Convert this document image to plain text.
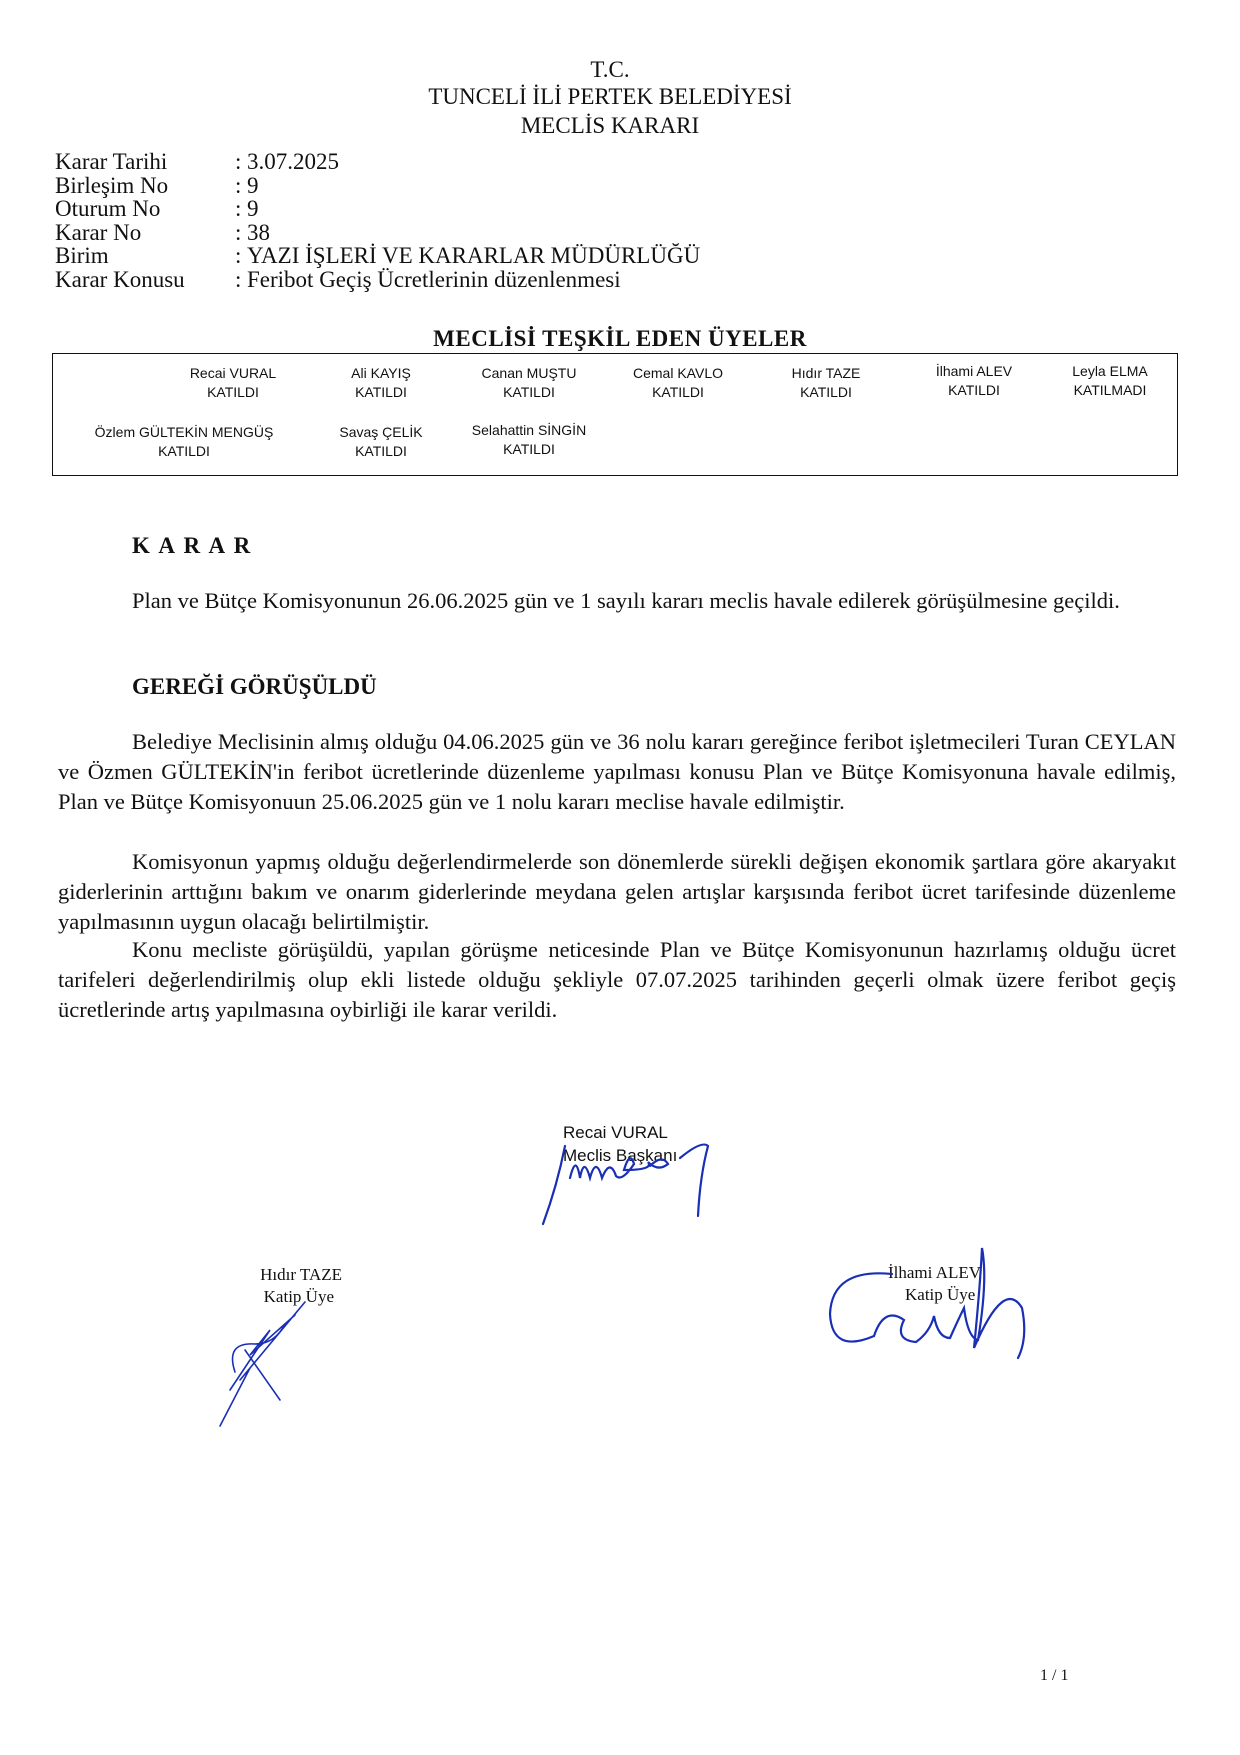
T.C.
TUNCELİ İLİ PERTEK BELEDİYESİ
MECLİS KARARI
Karar Tarihi	: 3.07.2025
Birleşim No	: 9
Oturum No	: 9
Karar No	: 38
Birim	: YAZI İŞLERİ VE KARARLAR MÜDÜRLÜĞÜ
Karar Konusu	: Feribot Geçiş Ücretlerinin düzenlenmesi
MECLİSİ TEŞKİL EDEN ÜYELER
Recai VURAL
KATILDI
Ali KAYIŞ
KATILDI
Canan MUŞTU
KATILDI
Cemal KAVLO
KATILDI
Hıdır TAZE
KATILDI
İlhami ALEV
KATILDI
Leyla ELMA
KATILMADI
Özlem GÜLTEKİN MENGÜŞ
KATILDI
Savaş ÇELİK
KATILDI
Selahattin SİNGİN
KATILDI
K A R A R
Plan ve Bütçe Komisyonunun 26.06.2025 gün ve 1 sayılı kararı meclis havale edilerek görüşülmesine geçildi.
GEREĞİ GÖRÜŞÜLDÜ
Belediye Meclisinin almış olduğu 04.06.2025 gün ve 36 nolu kararı gereğince feribot işletmecileri Turan CEYLAN ve Özmen GÜLTEKİN'in feribot ücretlerinde düzenleme yapılması konusu Plan ve Bütçe Komisyonuna havale edilmiş, Plan ve Bütçe Komisyonuun 25.06.2025 gün ve 1 nolu kararı meclise havale edilmiştir.
Komisyonun yapmış olduğu değerlendirmelerde son dönemlerde sürekli değişen ekonomik şartlara göre akaryakıt giderlerinin arttığını bakım ve onarım giderlerinde meydana gelen artışlar karşısında feribot ücret tarifesinde düzenleme yapılmasının uygun olacağı belirtilmiştir.
Konu mecliste görüşüldü, yapılan görüşme neticesinde Plan ve Bütçe Komisyonunun hazırlamış olduğu ücret tarifeleri değerlendirilmiş olup ekli listede olduğu şekliyle 07.07.2025 tarihinden geçerli olmak üzere feribot geçiş ücretlerinde artış yapılmasına oybirliği ile karar verildi.
Recai VURAL
Meclis Başkanı
Hıdır TAZE
Katip Üye
İlhami ALEV
Katip Üye
1 / 1
